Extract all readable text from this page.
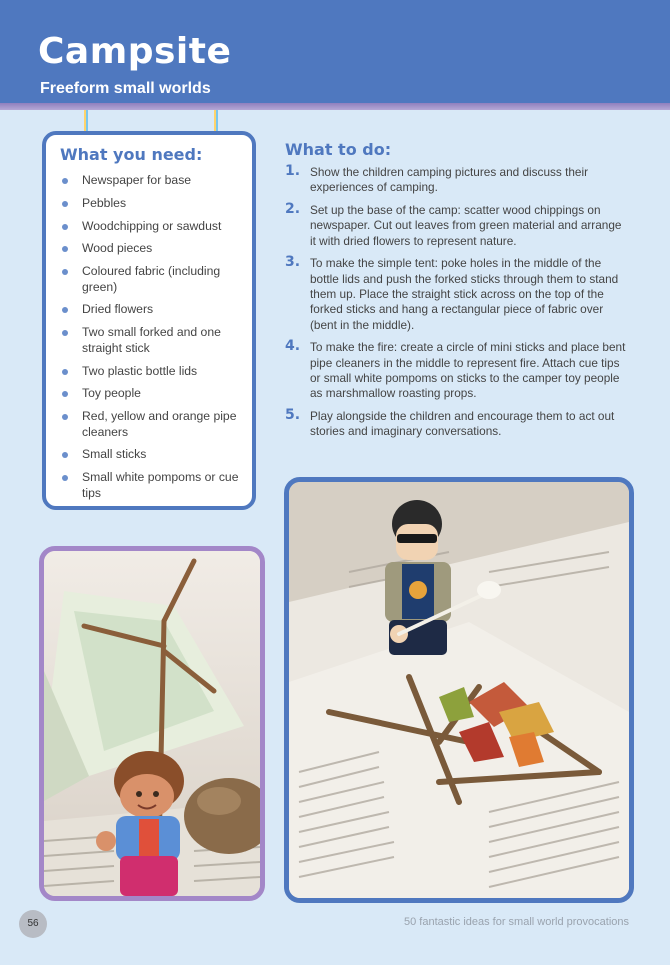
Campsite
Freeform small worlds
What you need:
Newspaper for base
Pebbles
Woodchipping or sawdust
Wood pieces
Coloured fabric (including green)
Dried flowers
Two small forked and one straight stick
Two plastic bottle lids
Toy people
Red, yellow and orange pipe cleaners
Small sticks
Small white pompoms or cue tips
What to do:
1. Show the children camping pictures and discuss their experiences of camping.
2. Set up the base of the camp: scatter wood chippings on newspaper. Cut out leaves from green material and arrange it with dried flowers to represent nature.
3. To make the simple tent: poke holes in the middle of the bottle lids and push the forked sticks through them to stand them up. Place the straight stick across on the top of the forked sticks and hang a rectangular piece of fabric over (bent in the middle).
4. To make the fire: create a circle of mini sticks and place bent pipe cleaners in the middle to represent fire. Attach cue tips or small white pompoms on sticks to the camper toy people as marshmallow roasting props.
5. Play alongside the children and encourage them to act out stories and imaginary conversations.
56	50 fantastic ideas for small world provocations
